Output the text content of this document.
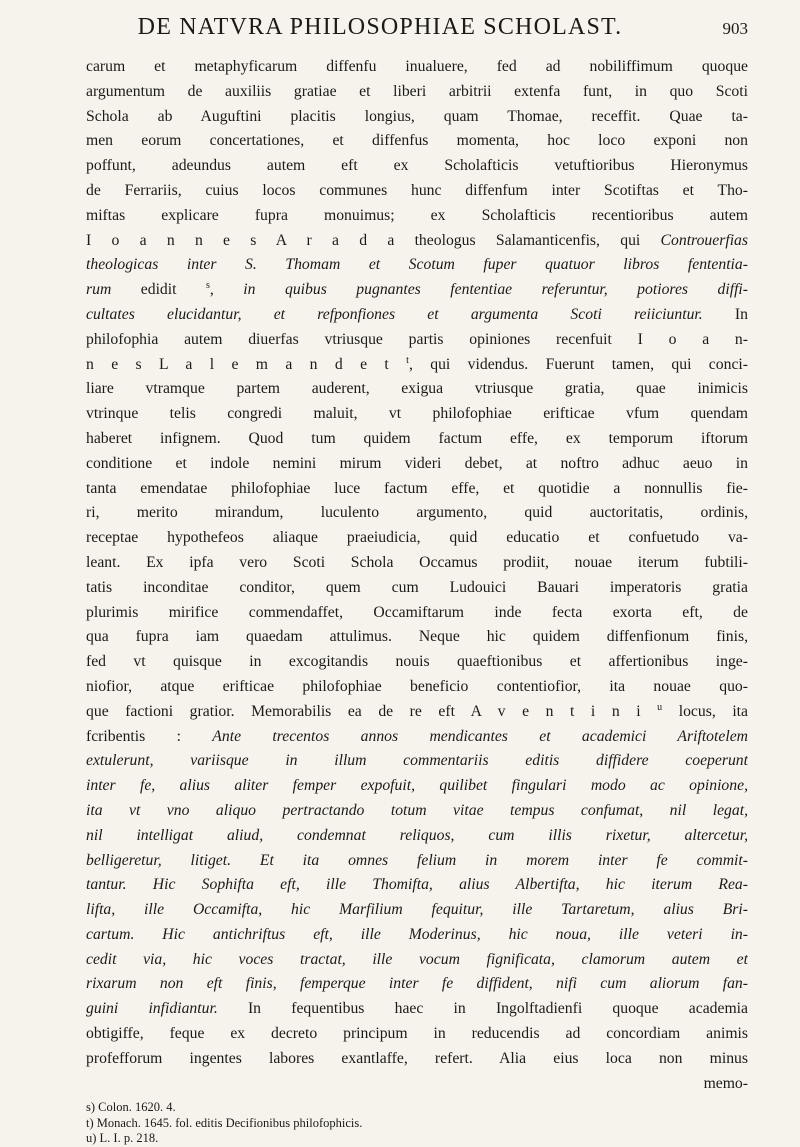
DE NATVRA PHILOSOPHIAE SCHOLAST.	903
carum et metaphyficarum diffenfu inualuere, fed ad nobiliffimum quoque
argumentum de auxiliis gratiae et liberi arbitrii extenfa funt, in quo Scoti
Schola ab Auguftini placitis longius, quam Thomae, receffit. Quae ta-
men eorum concertationes, et diffenfus momenta, hoc loco exponi non
poffunt, adeundus autem eft ex Scholafticis vetuftioribus Hieronymus
de Ferrariis, cuius locos communes hunc diffenfum inter Scotiftas et Tho-
miftas explicare fupra monuimus; ex Scholafticis recentioribus autem
I o a n n e s A r a d a theologus Salamanticenfis, qui Controuerfias
theologicas inter S. Thomam et Scotum fuper quatuor libros fententia-
rum edidit $^s$, in quibus pugnantes fententiae referuntur, potiores diffi-
cultates elucidantur, et refponfiones et argumenta Scoti reiiciuntur. In
philofophia autem diuerfas vtriusque partis opiniones recenfuit I o a n-
n e s L a l e m a n d e t $^t$, qui videndus. Fuerunt tamen, qui conci-
liare vtramque partem auderent, exigua vtriusque gratia, quae inimicis
vtrinque telis congredi maluit, vt philofophiae erifticae vfum quendam
haberet infignem. Quod tum quidem factum effe, ex temporum iftorum
conditione et indole nemini mirum videri debet, at noftro adhuc aeuo in
tanta emendatae philofophiae luce factum effe, et quotidie a nonnullis fie-
ri, merito mirandum, luculento argumento, quid auctoritatis, ordinis,
receptae hypothefeos aliaque praeiudicia, quid educatio et confuetudo va-
leant. Ex ipfa vero Scoti Schola Occamus prodiit, nouae iterum fubtili-
tatis inconditae conditor, quem cum Ludouici Bauari imperatoris gratia
plurimis mirifice commendaffet, Occamiftarum inde fecta exorta eft, de
qua fupra iam quaedam attulimus. Neque hic quidem diffenfionum finis,
fed vt quisque in excogitandis nouis quaeftionibus et affertionibus inge-
niofior, atque erifticae philofophiae beneficio contentiofior, ita nouae quo-
que factioni gratior. Memorabilis ea de re eft A v e n t i n i $^u$ locus, ita
fcribentis : Ante trecentos annos mendicantes et academici Ariftotelem
extulerunt, variisque in illum commentariis editis diffidere coeperunt
inter fe, alius aliter femper expofuit, quilibet fingulari modo ac opinione,
ita vt vno aliquo pertractando totum vitae tempus confumat, nil legat,
nil intelligat aliud, condemnat reliquos, cum illis rixetur, altercetur,
belligeretur, litiget. Et ita omnes felium in morem inter fe commit-
tantur. Hic Sophifta eft, ille Thomifta, alius Albertifta, hic iterum Rea-
lifta, ille Occamifta, hic Marfilium fequitur, ille Tartaretum, alius Bri-
cartum. Hic antichriftus eft, ille Moderinus, hic noua, ille veteri in-
cedit via, hic voces tractat, ille vocum fignificata, clamorum autem et
rixarum non eft finis, femperque inter fe diffident, nifi cum aliorum fan-
guini infidiantur. In fequentibus haec in Ingolftadienfi quoque academia
obtigiffe, feque ex decreto principum in reducendis ad concordiam animis
profefforum ingentes labores exantlaffe, refert. Alia eius loca non minus
memo-
s) Colon. 1620. 4.
t) Monach. 1645. fol. editis Decifionibus philofophicis.
u) L. I. p. 218.
